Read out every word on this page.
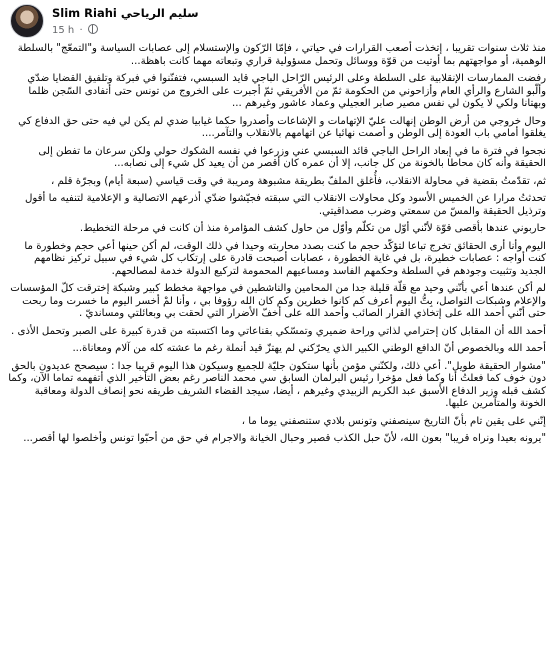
Slim Riahi سليم الرياحي
15 h ·

منذ ثلاث سنوات تقريبا ، إتخذت أصعب القرارات في حياتي ، فإمّا الرّكون والإستسلام إلى عصابات السياسة و"التمعّج" بالسلطة الوهمية، أو مواجهتهم بما أوتيت من قوّة ووسائل وتحمل مسؤولية قراري وتبعاته مهما كانت باهظة...

رفضت الممارسات الإنقلابية على السلطة وعلى الرئيس الرّاحل الباجي قايد السبسي، فتفنّنوا في فبركة وتلفيق القضايا ضدّي وألّبو الشارع والرأي العام وأزاحوني من الحكومة ثمّ من الأفريقي ثمّ أجبرت على الخروج من تونس حتى أتفادى السّجن ظلما وبهتانا ولكي لا يكون لي نفس مصير صابر العجيلي وعماد عاشور وغيرهم ...

وحال خروجي من أرض الوطن إنهالت عليّ الإتهامات و الإشاعات وأصدروا حكما غيابيا ضدي لم يكن لي فيه حتى حق الدفاع كي يغلقوا أمامي باب العودة إلى الوطن و أصمت نهائيا عن اتهامهم بالانقلاب والتآمر....

نجحوا في فترة ما في إبعاد الراحل الباجي قائد السبسي عني وزرعوا في نفسه الشكوك حولي ولكن سرعان ما تفطن إلى الحقيقة وأنه كان محاطا بالخونة من كل جانب، إلا أن عمره كان أقصر من أن يعيد كل شيء إلى نصابه...

ثم، تقدّمتُ بقضية في محاولة الانقلاب، فأُغلق الملفّ بطريقة مشبوهة ومريبة في وقت قياسي (سبعة أيام) وبجرّة قلم ،

تحدثتُ مرارا عن الخميس الأسود وكل محاولات الانقلاب التي سبقته فجيّشوا ضدّي أذرعهم الاتصالية و الإعلامية لتنفيه ما أقول وترذيل الحقيقة والمسّ من سمعتي وضرب مصداقيتي.

حاربوني عندها بأقصى قوّة لأنّني أوّل من تكلّم وأوّل من حاول كشف المؤامرة منذ أن كانت في مرحلة التخطيط.

اليوم وأنا أرى الحقائق تخرج تباعا لتؤكّد حجم ما كنت بصدد محاربته وحيدا في ذلك الوقت، لم أكن حينها أعي حجم وخطورة ما كنت أواجه : عصابات خطيرة، بل في غاية الخطورة ، عصابات أصبحت قادرة على إرتكاب كل شيء في سبيل تركيز نظامهم الجديد وتثبيت وجودهم في السلطة وحكمهم الفاسد ومساعيهم المحمومة لتركيع الدولة خدمة لمصالحهم.

لم أكن عندها أعي بأنّني وحيد مع قلّة قليلة جدا من المحامين والناشطين في مواجهة مخطط كبير وشبكة إخترقت كلّ المؤسسات والإعلام وشبكات التواصل، بِتُّ اليوم أعرف كم كانوا خطرين وكم كان الله رؤوفا بي ، وأنا لمْ أخسر اليوم ما خسرت وما ربحت حتى أنّني أحمد الله على إتخاذي القرار الصائب وأحمد الله على أخفّ الأضرار التي لحقت بي وبعائلتي ومسانديّ .

أحمد الله أن المقابل كان إحترامي لذاتي وراحة ضميري وتمسّكي بقناعاتي وما اكتسبته من قدرة كبيرة على الصبر وتحمل الأذى .

أحمد الله وبالخصوص أنّ الدافع الوطني الكبير الذي يحرّكني لم يهتزّ قيد أنملة رغم ما عشته كله من آلام ومعاناة...

"مشوار الحقيقة طويل". أعي ذلك، ولكنّني مؤمن بأنها ستكون جليّة للجميع وسيكون هذا اليوم قريبا جدا : سيصحح عديدون بالحق دون خوف كما فعلتُ أنا وكما فعل مؤخرا رئيس البرلمان السابق سي محمد الناصر رغم بعض التأخير الذي أتفهمه تماما الآن، وكما كشف قبله وزير الدفاع الأسبق عبد الكريم الزبيدي وغيرهم ، أيضا، سيجد القضاء الشريف طريقه نحو إنصاف الدولة ومعاقبة الخونة والمتآمرين عليها.

إنّني على يقين تام بأنّ التاريخ سينصفني وتونس بلادي ستنصفني يوما ما ،

"يرونه بعيدا ونراه قريبا" بعون الله، لأنّ حبل الكذب قصير وحبال الخيانة والاجرام في حق من أحبّوا تونس وأخلصوا لها أقصر...
